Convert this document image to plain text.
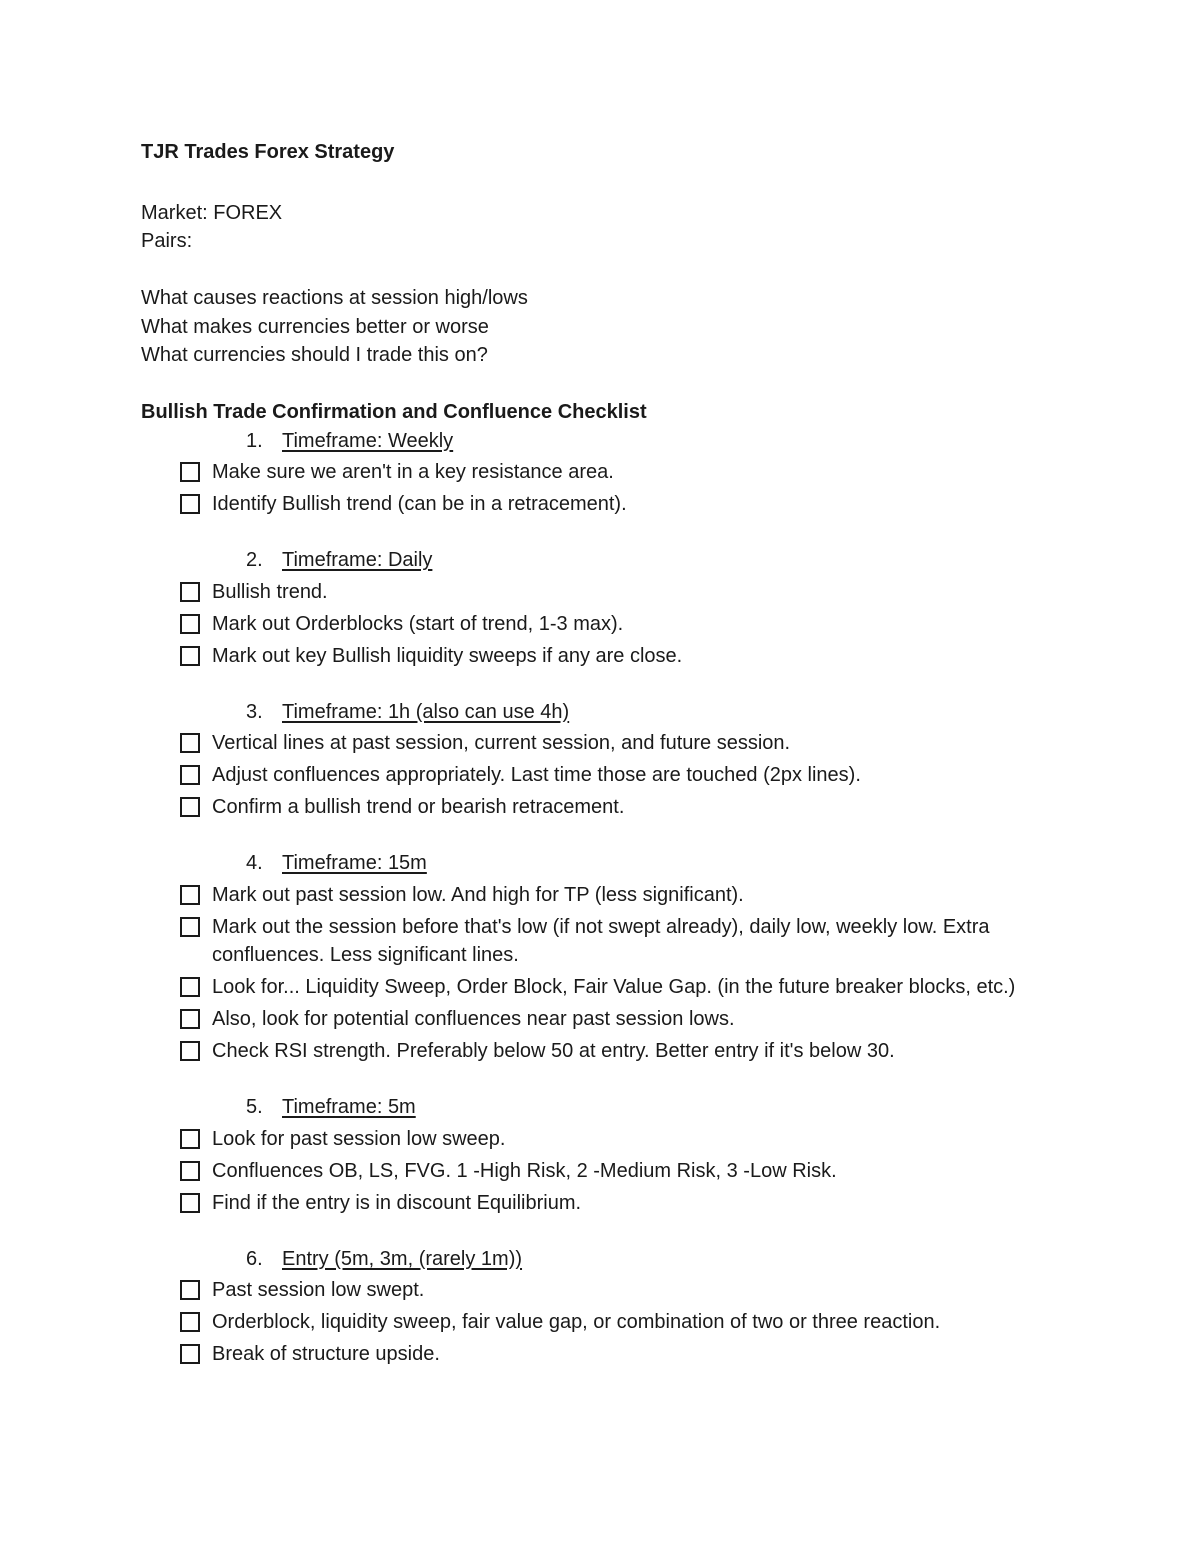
TJR Trades Forex Strategy

Market: FOREX

Pairs:

What causes reactions at session high/lows

What makes currencies better or worse

What currencies should I trade this on?

Bullish Trade Confirmation and Confluence Checklist

1. Timeframe: Weekly
Make sure we aren't in a key resistance area.
Identify Bullish trend (can be in a retracement).
2. Timeframe: Daily
Bullish trend.
Mark out Orderblocks (start of trend, 1-3 max).
Mark out key Bullish liquidity sweeps if any are close.
3. Timeframe: 1h (also can use 4h)
Vertical lines at past session, current session, and future session.
Adjust confluences appropriately. Last time those are touched (2px lines).
Confirm a bullish trend or bearish retracement.
4. Timeframe: 15m
Mark out past session low. And high for TP (less significant).
Mark out the session before that's low (if not swept already), daily low, weekly low. Extra confluences. Less significant lines.
Look for... Liquidity Sweep, Order Block, Fair Value Gap. (in the future breaker blocks, etc.)
Also, look for potential confluences near past session lows.
Check RSI strength. Preferably below 50 at entry. Better entry if it's below 30.
5. Timeframe: 5m
Look for past session low sweep.
Confluences OB, LS, FVG. 1 -High Risk, 2 -Medium Risk, 3 -Low Risk.
Find if the entry is in discount Equilibrium.
6. Entry (5m, 3m, (rarely 1m))
Past session low swept.
Orderblock, liquidity sweep, fair value gap, or combination of two or three reaction.
Break of structure upside.
